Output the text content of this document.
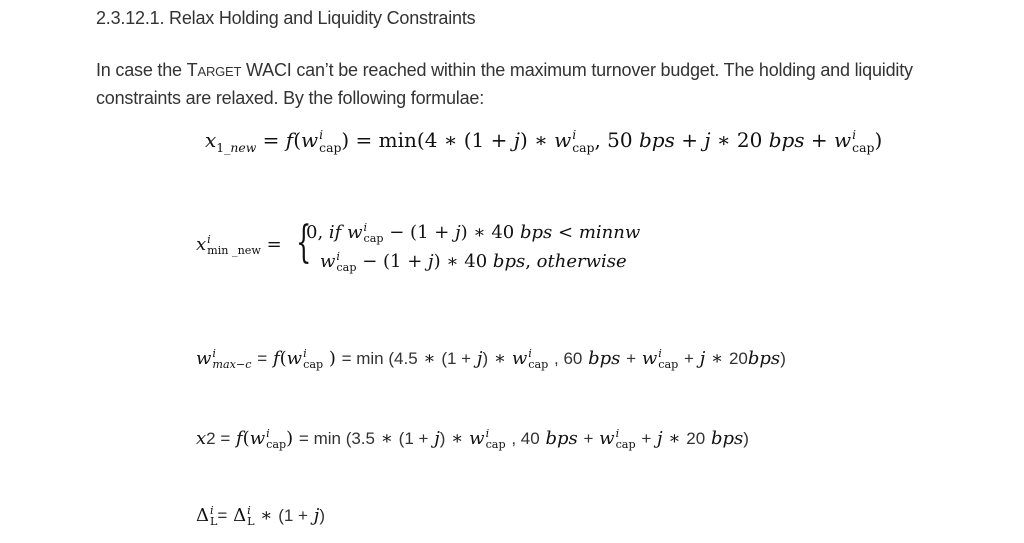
2.3.12.1. Relax Holding and Liquidity Constraints
In case the Target WACI can’t be reached within the maximum turnover budget. The holding and liquidity constraints are relaxed. By the following formulae:
$x_{1\_new} = f(w$ i
cap ) = min(4 ∗ (1 + j) ∗ w i
cap , 50 bps + j ∗ 20 bps + w i
cap )
x i
min _new = {
0, if w i
cap − (1 + j) ∗ 40 bps < minnw
w i
cap − (1 + j) ∗ 40 bps, otherwise
w i
max−c = f(w i
cap ) = min (4.5 ∗ (1 + j) ∗ w i
cap , 60 bps + w i
cap + j ∗ 20bps)
x2 = f(w i
cap ) = min (3.5 ∗ (1 + j) ∗ w i
cap , 40 bps + w i
cap + j ∗ 20 bps)
Δ i
L = Δ i
L ∗ (1 + j)
